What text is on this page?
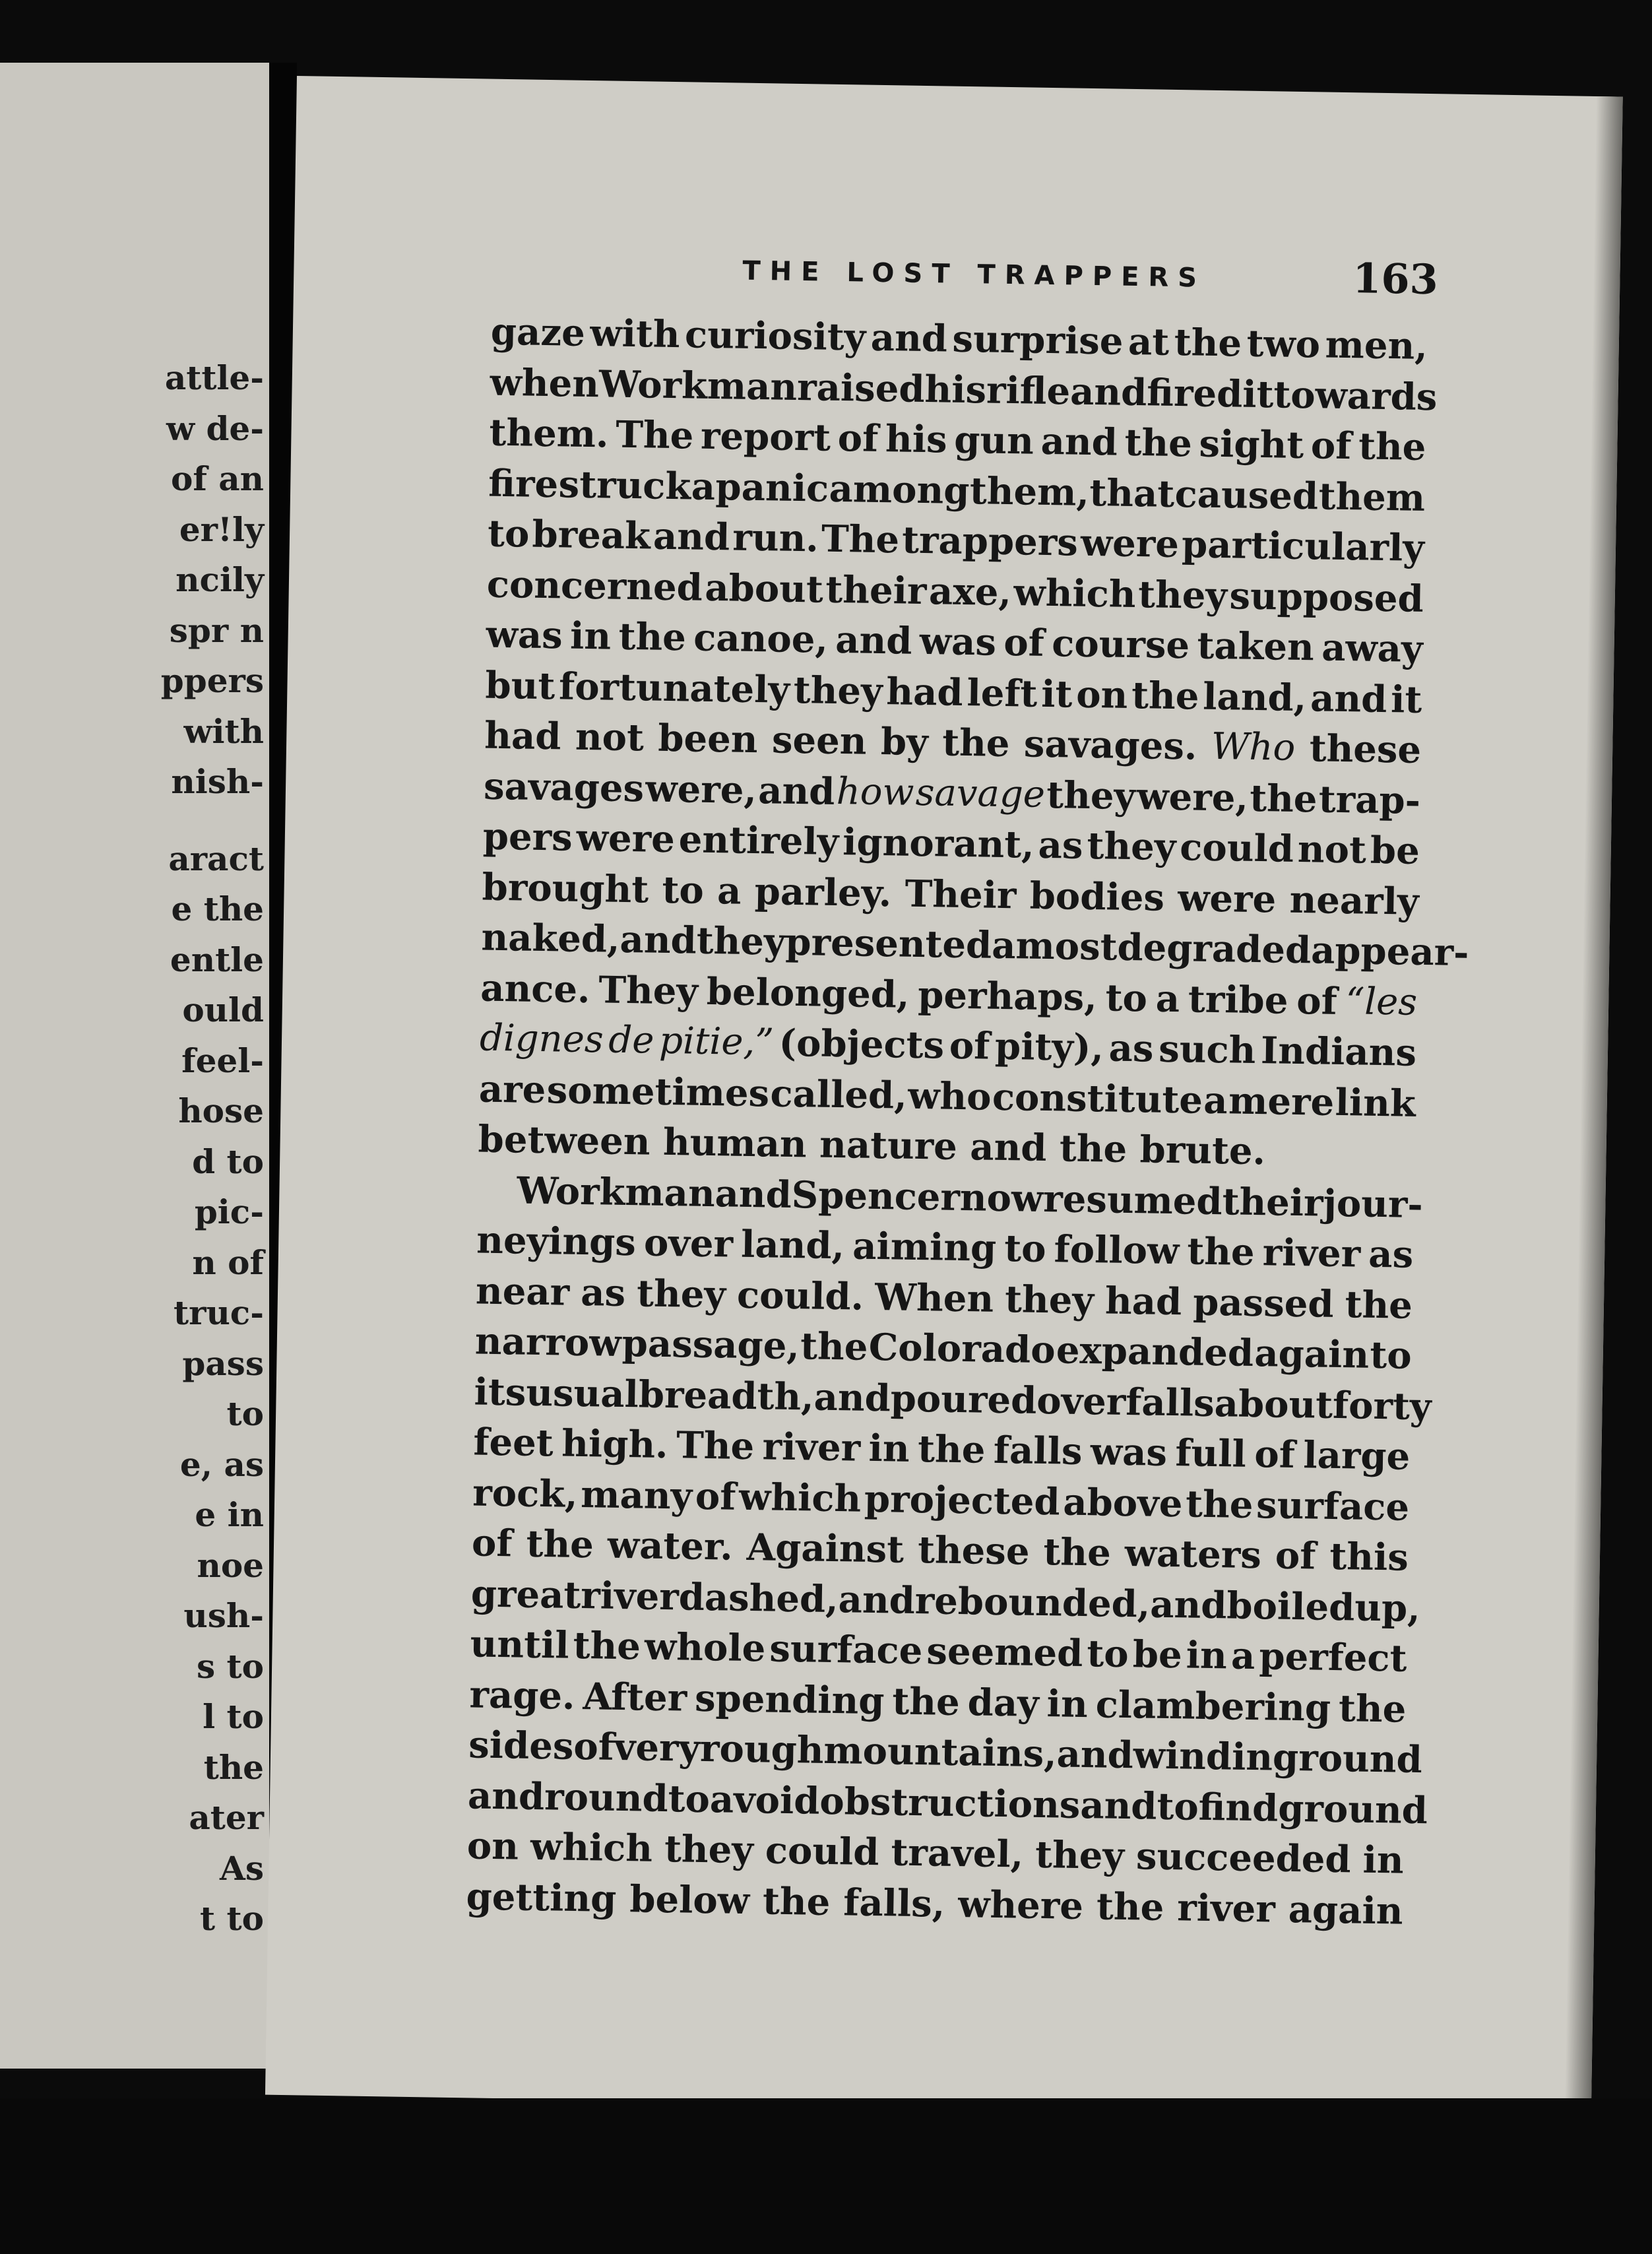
attle-
w de-
of an
er!ly
ncily
spr n
ppers
with
nish-
aract
e the
entle
ould
feel-
hose
d to
pic-
n of
truc-
pass
to
e, as
e in
noe
ush-
s to
l to
the
ater
As
t to
THE LOST TRAPPERS	163
gaze with curiosity and surprise at the two men,
when
Workman
raised
his
rifle
and
fired
it
towards
them. The report of his gun and the sight of the
fire struck a panic among them, that caused them
to break and run. The trappers were particularly
concerned about their axe, which they supposed
was in the canoe, and was of course taken away
but fortunately they had left it on the land, and it
had not been seen by the savages. Who these
savages were, and how savage they were, the trap-
pers were entirely ignorant, as they could not be
brought to a parley. Their bodies were nearly
naked,
and
they
presented
a
most
degraded
appear-
ance. They belonged, perhaps, to a tribe of “les
dignes de pitie,” (objects of pity), as such Indians
are sometimes called, who constitute a mere link
between human nature and the brute.
Workman
and
Spencer
now
resumed
their
jour-
neyings over land, aiming to follow the river as
near as they could. When they had passed the
narrow passage, the Colorado expanded again to
its
usual
breadth,
and
poured
over
falls
about
forty
feet high. The river in the falls was full of large
rock, many of which projected above the surface
of the water. Against these the waters of this
great
river
dashed,
and
rebounded,
and
boiled
up,
until the whole surface seemed to be in a perfect
rage. After spending the day in clambering the
sides
of
very
rough
mountains,
and
winding
round
and
round
to
avoid
obstructions
and
to
find
ground
on which they could travel, they succeeded in
getting below the falls, where the river again
